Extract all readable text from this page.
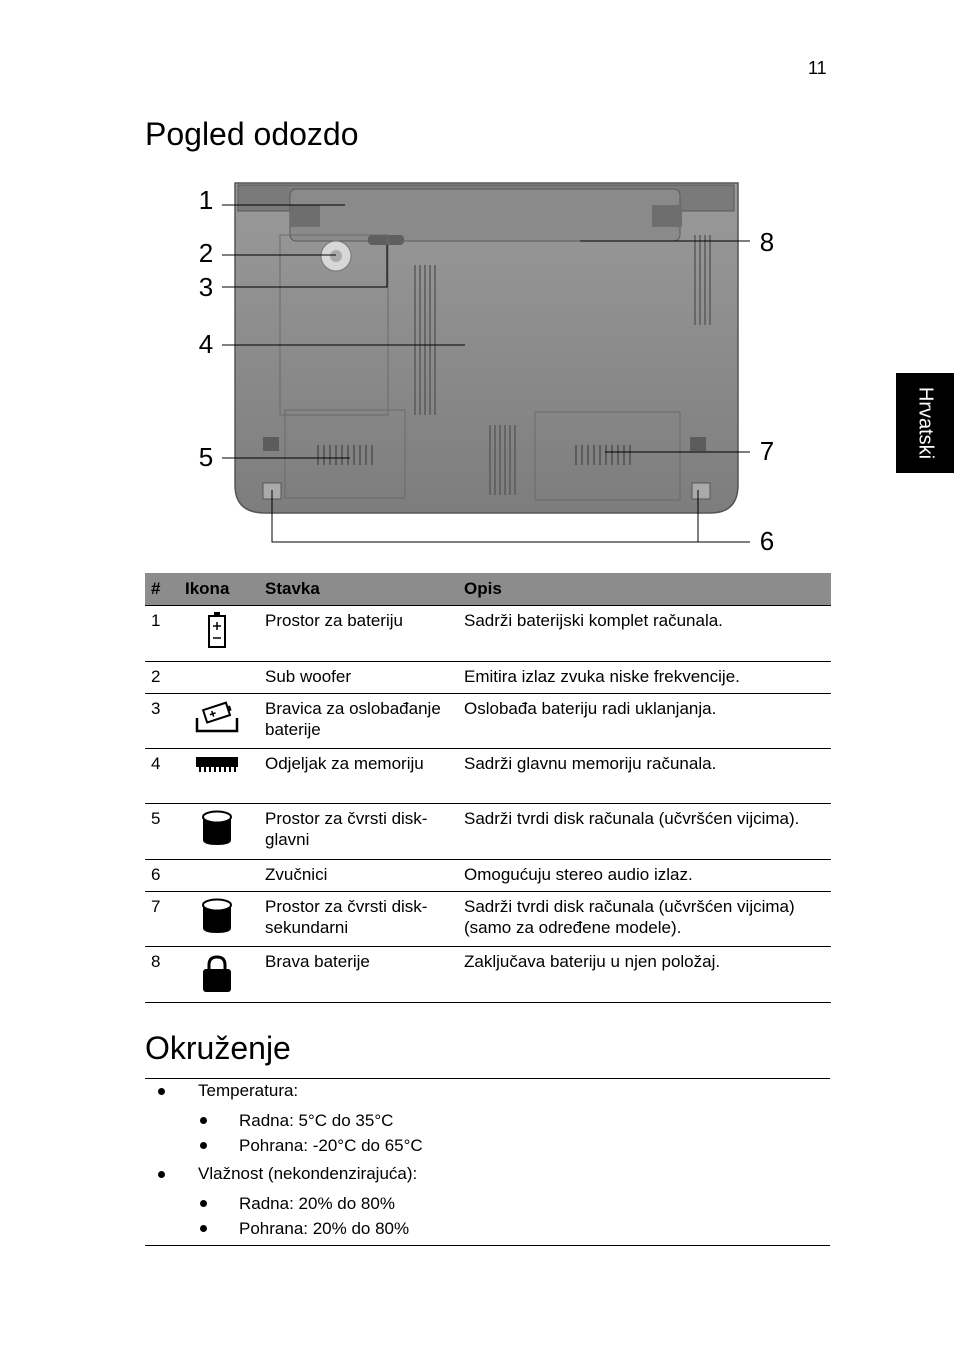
11
Hrvatski
Pogled odozdo
1
2
3
4
5
6
7
8
#	Ikona	Stavka	Opis
1		Prostor za bateriju	Sadrži baterijski komplet računala.
2		Sub woofer	Emitira izlaz zvuka niske frekvencije.
3		Bravica za oslobađanje baterije	Oslobađa bateriju radi uklanjanja.
4		Odjeljak za memoriju	Sadrži glavnu memoriju računala.
5		Prostor za čvrsti disk-glavni	Sadrži tvrdi disk računala (učvršćen vijcima).
6		Zvučnici	Omogućuju stereo audio izlaz.
7		Prostor za čvrsti disk-sekundarni	Sadrži tvrdi disk računala (učvršćen vijcima) (samo za određene modele).
8		Brava baterije	Zaključava bateriju u njen položaj.
Okruženje
Temperatura:
Radna: 5°C do 35°C
Pohrana: -20°C do 65°C
Vlažnost (nekondenzirajuća):
Radna: 20% do 80%
Pohrana: 20% do 80%
